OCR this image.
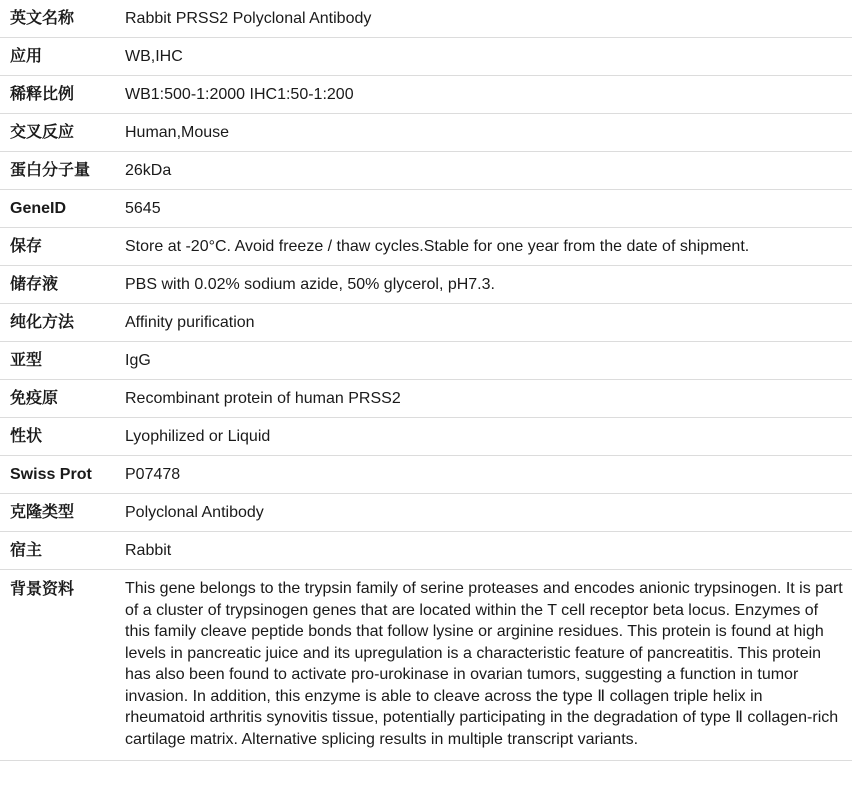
英文名称	Rabbit PRSS2 Polyclonal Antibody
应用	WB,IHC
稀释比例	WB1:500-1:2000 IHC1:50-1:200
交叉反应	Human,Mouse
蛋白分子量	26kDa
GeneID	5645
保存	Store at -20°C. Avoid freeze / thaw cycles.Stable for one year from the date of shipment.
储存液	PBS with 0.02% sodium azide, 50% glycerol, pH7.3.
纯化方法	Affinity purification
亚型	IgG
免疫原	Recombinant protein of human PRSS2
性状	Lyophilized or Liquid
Swiss Prot	P07478
克隆类型	Polyclonal Antibody
宿主	Rabbit
背景资料	This gene belongs to the trypsin family of serine proteases and encodes anionic trypsinogen. It is part of a cluster of trypsinogen genes that are located within the T cell receptor beta locus. Enzymes of this family cleave peptide bonds that follow lysine or arginine residues. This protein is found at high levels in pancreatic juice and its upregulation is a characteristic feature of pancreatitis. This protein has also been found to activate pro-urokinase in ovarian tumors, suggesting a function in tumor invasion. In addition, this enzyme is able to cleave across the type Ⅱ collagen triple helix in rheumatoid arthritis synovitis tissue, potentially participating in the degradation of type Ⅱ collagen-rich cartilage matrix. Alternative splicing results in multiple transcript variants.
